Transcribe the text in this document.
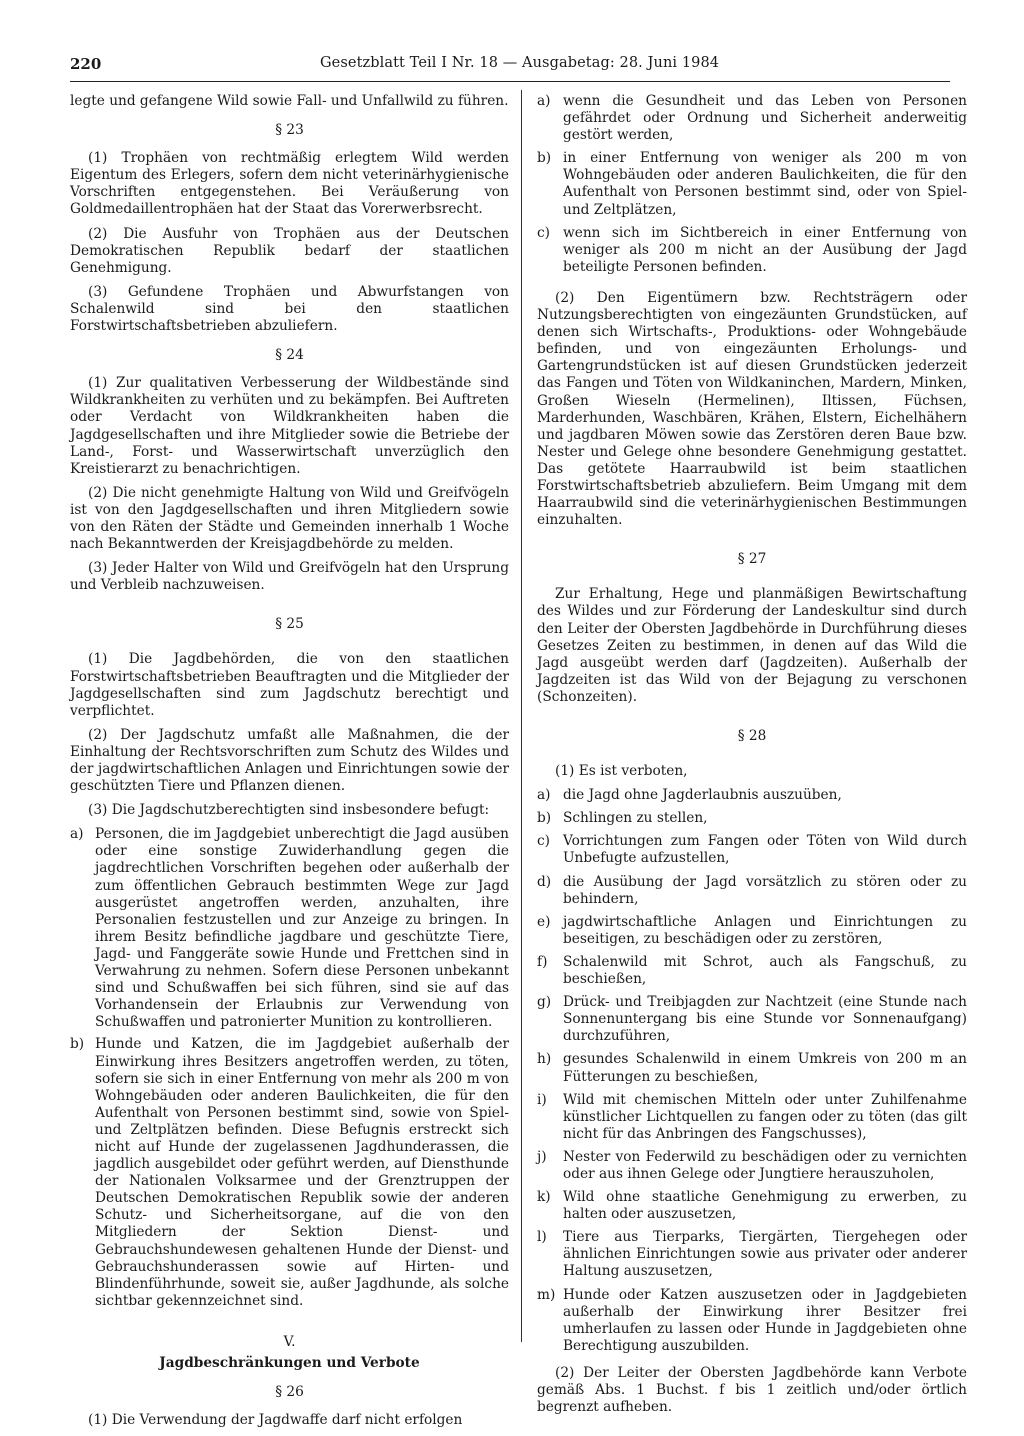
220	Gesetzblatt Teil I Nr. 18 — Ausgabetag: 28. Juni 1984

legte und gefangene Wild sowie Fall- und Unfallwild zu führen.

§ 23

(1) Trophäen von rechtmäßig erlegtem Wild werden Eigentum des Erlegers, sofern dem nicht veterinärhygienische Vorschriften entgegenstehen. Bei Veräußerung von Goldmedaillentrophäen hat der Staat das Vorerwerbsrecht.

(2) Die Ausfuhr von Trophäen aus der Deutschen Demokratischen Republik bedarf der staatlichen Genehmigung.

(3) Gefundene Trophäen und Abwurfstangen von Schalenwild sind bei den staatlichen Forstwirtschaftsbetrieben abzuliefern.

§ 24

(1) Zur qualitativen Verbesserung der Wildbestände sind Wildkrankheiten zu verhüten und zu bekämpfen. Bei Auftreten oder Verdacht von Wildkrankheiten haben die Jagdgesellschaften und ihre Mitglieder sowie die Betriebe der Land-, Forst- und Wasserwirtschaft unverzüglich den Kreistierarzt zu benachrichtigen.

(2) Die nicht genehmigte Haltung von Wild und Greifvögeln ist von den Jagdgesellschaften und ihren Mitgliedern sowie von den Räten der Städte und Gemeinden innerhalb 1 Woche nach Bekanntwerden der Kreisjagdbehörde zu melden.

(3) Jeder Halter von Wild und Greifvögeln hat den Ursprung und Verbleib nachzuweisen.

§ 25

(1) Die Jagdbehörden, die von den staatlichen Forstwirtschaftsbetrieben Beauftragten und die Mitglieder der Jagdgesellschaften sind zum Jagdschutz berechtigt und verpflichtet.

(2) Der Jagdschutz umfaßt alle Maßnahmen, die der Einhaltung der Rechtsvorschriften zum Schutz des Wildes und der jagdwirtschaftlichen Anlagen und Einrichtungen sowie der geschützten Tiere und Pflanzen dienen.

(3) Die Jagdschutzberechtigten sind insbesondere befugt:

a) Personen, die im Jagdgebiet unberechtigt die Jagd ausüben oder eine sonstige Zuwiderhandlung gegen die jagdrechtlichen Vorschriften begehen oder außerhalb der zum öffentlichen Gebrauch bestimmten Wege zur Jagd ausgerüstet angetroffen werden, anzuhalten, ihre Personalien festzustellen und zur Anzeige zu bringen. In ihrem Besitz befindliche jagdbare und geschützte Tiere, Jagd- und Fanggeräte sowie Hunde und Frettchen sind in Verwahrung zu nehmen. Sofern diese Personen unbekannt sind und Schußwaffen bei sich führen, sind sie auf das Vorhandensein der Erlaubnis zur Verwendung von Schußwaffen und patronierter Munition zu kontrollieren.

b) Hunde und Katzen, die im Jagdgebiet außerhalb der Einwirkung ihres Besitzers angetroffen werden, zu töten, sofern sie sich in einer Entfernung von mehr als 200 m von Wohngebäuden oder anderen Baulichkeiten, die für den Aufenthalt von Personen bestimmt sind, sowie von Spiel- und Zeltplätzen befinden. Diese Befugnis erstreckt sich nicht auf Hunde der zugelassenen Jagdhunderassen, die jagdlich ausgebildet oder geführt werden, auf Diensthunde der Nationalen Volksarmee und der Grenztruppen der Deutschen Demokratischen Republik sowie der anderen Schutz- und Sicherheitsorgane, auf die von den Mitgliedern der Sektion Dienst- und Gebrauchshundewesen gehaltenen Hunde der Dienst- und Gebrauchshunderassen sowie auf Hirten- und Blindenführhunde, soweit sie, außer Jagdhunde, als solche sichtbar gekennzeichnet sind.

V.
Jagdbeschränkungen und Verbote
§ 26

(1) Die Verwendung der Jagdwaffe darf nicht erfolgen

a) wenn die Gesundheit und das Leben von Personen gefährdet oder Ordnung und Sicherheit anderweitig gestört werden,

b) in einer Entfernung von weniger als 200 m von Wohngebäuden oder anderen Baulichkeiten, die für den Aufenthalt von Personen bestimmt sind, oder von Spiel- und Zeltplätzen,

c) wenn sich im Sichtbereich in einer Entfernung von weniger als 200 m nicht an der Ausübung der Jagd beteiligte Personen befinden.

(2) Den Eigentümern bzw. Rechtsträgern oder Nutzungsberechtigten von eingezäunten Grundstücken, auf denen sich Wirtschafts-, Produktions- oder Wohngebäude befinden, und von eingezäunten Erholungs- und Gartengrundstücken ist auf diesen Grundstücken jederzeit das Fangen und Töten von Wildkaninchen, Mardern, Minken, Großen Wieseln (Hermelinen), Iltissen, Füchsen, Marderhunden, Waschbären, Krähen, Elstern, Eichelhähern und jagdbaren Möwen sowie das Zerstören deren Baue bzw. Nester und Gelege ohne besondere Genehmigung gestattet. Das getötete Haarraubwild ist beim staatlichen Forstwirtschaftsbetrieb abzuliefern. Beim Umgang mit dem Haarraubwild sind die veterinärhygienischen Bestimmungen einzuhalten.

§ 27

Zur Erhaltung, Hege und planmäßigen Bewirtschaftung des Wildes und zur Förderung der Landeskultur sind durch den Leiter der Obersten Jagdbehörde in Durchführung dieses Gesetzes Zeiten zu bestimmen, in denen auf das Wild die Jagd ausgeübt werden darf (Jagdzeiten). Außerhalb der Jagdzeiten ist das Wild von der Bejagung zu verschonen (Schonzeiten).

§ 28

(1) Es ist verboten,

a) die Jagd ohne Jagderlaubnis auszuüben,

b) Schlingen zu stellen,

c) Vorrichtungen zum Fangen oder Töten von Wild durch Unbefugte aufzustellen,

d) die Ausübung der Jagd vorsätzlich zu stören oder zu behindern,

e) jagdwirtschaftliche Anlagen und Einrichtungen zu beseitigen, zu beschädigen oder zu zerstören,

f) Schalenwild mit Schrot, auch als Fangschuß, zu beschießen,

g) Drück- und Treibjagden zur Nachtzeit (eine Stunde nach Sonnenuntergang bis eine Stunde vor Sonnenaufgang) durchzuführen,

h) gesundes Schalenwild in einem Umkreis von 200 m an Fütterungen zu beschießen,

i) Wild mit chemischen Mitteln oder unter Zuhilfenahme künstlicher Lichtquellen zu fangen oder zu töten (das gilt nicht für das Anbringen des Fangschusses),

j) Nester von Federwild zu beschädigen oder zu vernichten oder aus ihnen Gelege oder Jungtiere herauszuholen,

k) Wild ohne staatliche Genehmigung zu erwerben, zu halten oder auszusetzen,

l) Tiere aus Tierparks, Tiergärten, Tiergehegen oder ähnlichen Einrichtungen sowie aus privater oder anderer Haltung auszusetzen,

m) Hunde oder Katzen auszusetzen oder in Jagdgebieten außerhalb der Einwirkung ihrer Besitzer frei umherlaufen zu lassen oder Hunde in Jagdgebieten ohne Berechtigung auszubilden.

(2) Der Leiter der Obersten Jagdbehörde kann Verbote gemäß Abs. 1 Buchst. f bis 1 zeitlich und/oder örtlich begrenzt aufheben.
